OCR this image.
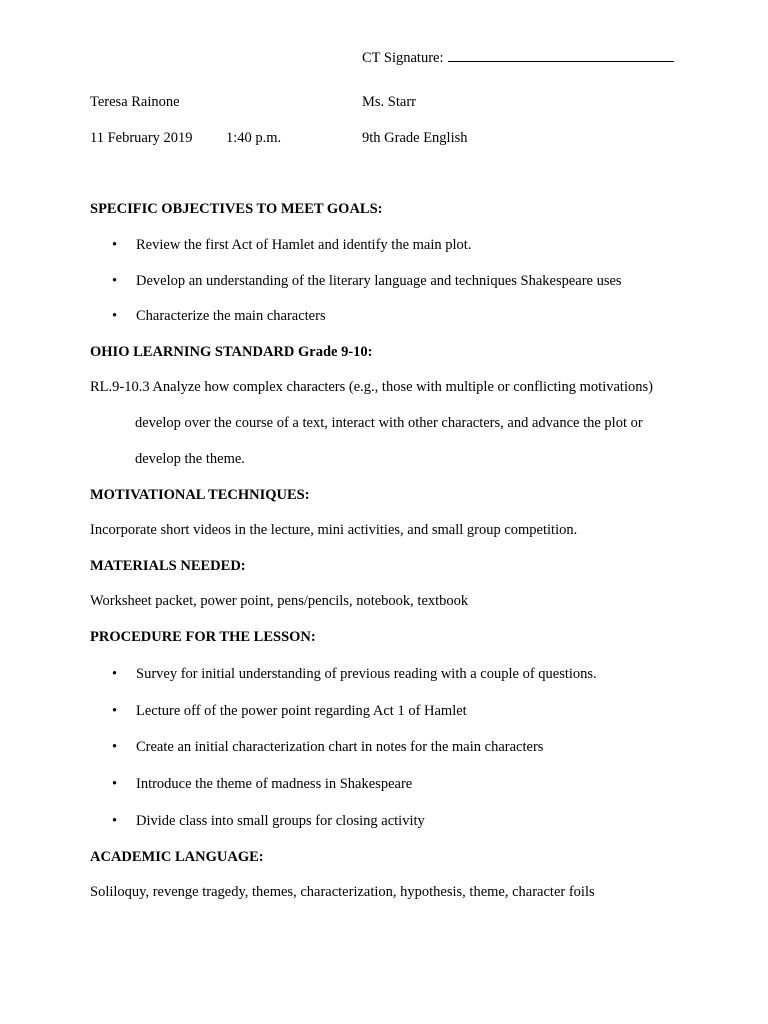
CT Signature:
Teresa Rainone	Ms. Starr
11 February 2019 1:40 p.m.	9th Grade English
SPECIFIC OBJECTIVES TO MEET GOALS:
• Review the first Act of Hamlet and identify the main plot.
• Develop an understanding of the literary language and techniques Shakespeare uses
• Characterize the main characters
OHIO LEARNING STANDARD Grade 9-10:
RL.9-10.3 Analyze how complex characters (e.g., those with multiple or conflicting motivations)
develop over the course of a text, interact with other characters, and advance the plot or
develop the theme.
MOTIVATIONAL TECHNIQUES:
Incorporate short videos in the lecture, mini activities, and small group competition.
MATERIALS NEEDED:
Worksheet packet, power point, pens/pencils, notebook, textbook
PROCEDURE FOR THE LESSON:
• Survey for initial understanding of previous reading with a couple of questions.
• Lecture off of the power point regarding Act 1 of Hamlet
• Create an initial characterization chart in notes for the main characters
• Introduce the theme of madness in Shakespeare
• Divide class into small groups for closing activity
ACADEMIC LANGUAGE:
Soliloquy, revenge tragedy, themes, characterization, hypothesis, theme, character foils
